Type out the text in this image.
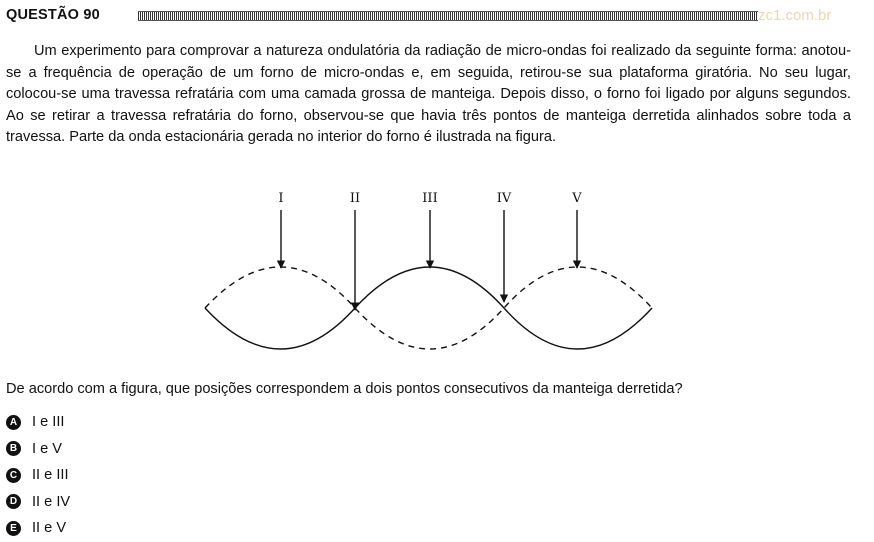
QUESTÃO 90	zc1.com.br

Um experimento para comprovar a natureza ondulatória da radiação de micro-ondas foi realizado da seguinte forma: anotou-se a frequência de operação de um forno de micro-ondas e, em seguida, retirou-se sua plataforma giratória. No seu lugar, colocou-se uma travessa refratária com uma camada grossa de manteiga. Depois disso, o forno foi ligado por alguns segundos. Ao se retirar a travessa refratária do forno, observou-se que havia três pontos de manteiga derretida alinhados sobre toda a travessa. Parte da onda estacionária gerada no interior do forno é ilustrada na figura.

I	II	III	IV	V

De acordo com a figura, que posições correspondem a dois pontos consecutivos da manteiga derretida?

A I e III
B I e V
C II e III
D II e IV
E II e V
